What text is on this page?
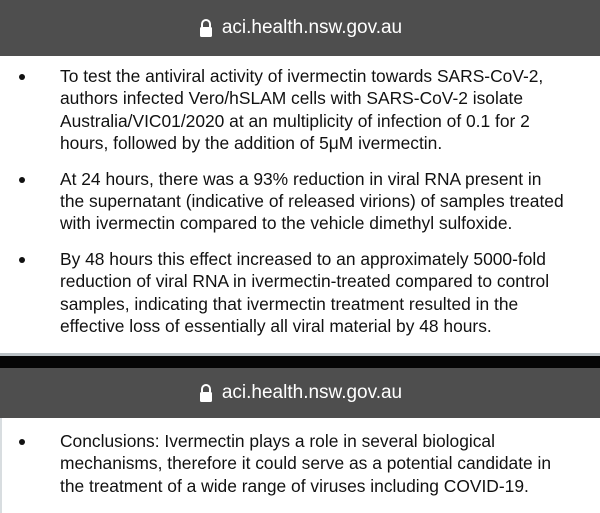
aci.health.nsw.gov.au
To test the antiviral activity of ivermectin towards SARS-CoV-2,
authors infected Vero/hSLAM cells with SARS-CoV-2 isolate
Australia/VIC01/2020 at an multiplicity of infection of 0.1 for 2
hours, followed by the addition of 5μM ivermectin.
At 24 hours, there was a 93% reduction in viral RNA present in
the supernatant (indicative of released virions) of samples treated
with ivermectin compared to the vehicle dimethyl sulfoxide.
By 48 hours this effect increased to an approximately 5000-fold
reduction of viral RNA in ivermectin-treated compared to control
samples, indicating that ivermectin treatment resulted in the
effective loss of essentially all viral material by 48 hours.
aci.health.nsw.gov.au
Conclusions: Ivermectin plays a role in several biological
mechanisms, therefore it could serve as a potential candidate in
the treatment of a wide range of viruses including COVID-19.
